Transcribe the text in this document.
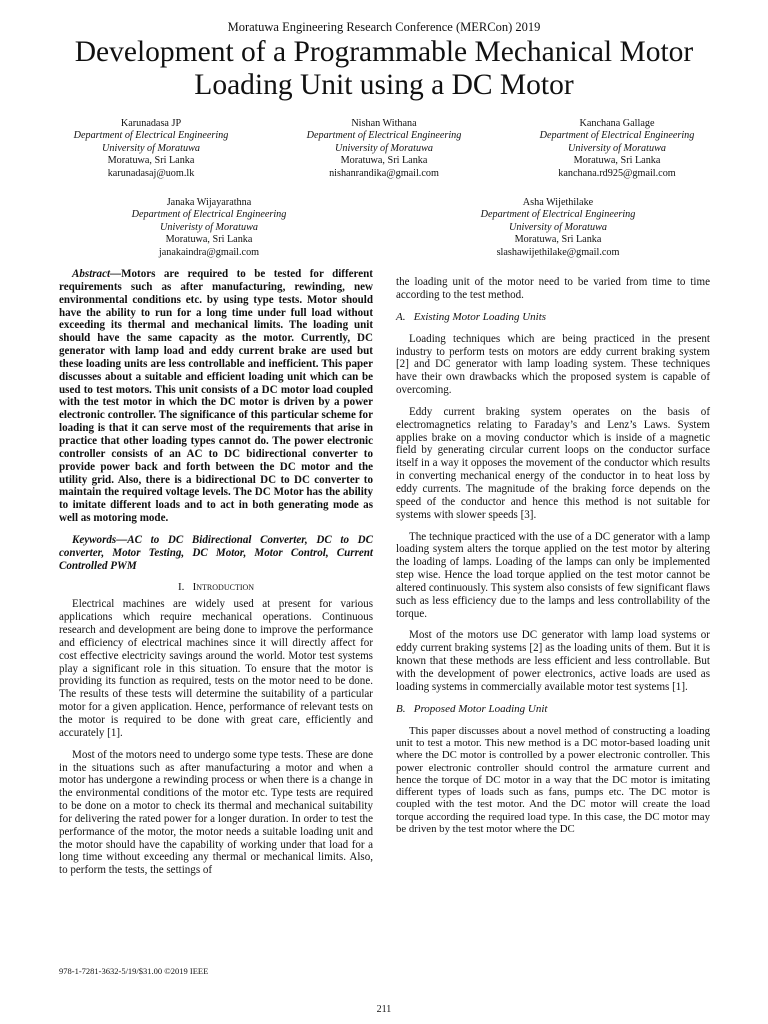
Moratuwa Engineering Research Conference (MERCon) 2019
Development of a Programmable Mechanical Motor
Loading Unit using a DC Motor
Karunadasa JP
Department of Electrical Engineering
University of Moratuwa
Moratuwa, Sri Lanka
karunadasaj@uom.lk
Nishan Withana
Department of Electrical Engineering
University of Moratuwa
Moratuwa, Sri Lanka
nishanrandika@gmail.com
Kanchana Gallage
Department of Electrical Engineering
University of Moratuwa
Moratuwa, Sri Lanka
kanchana.rd925@gmail.com
Janaka Wijayarathna
Department of Electrical Engineering
Univeristy of Moratuwa
Moratuwa, Sri Lanka
janakaindra@gmail.com
Asha Wijethilake
Department of Electrical Engineering
University of Moratuwa
Moratuwa, Sri Lanka
slashawijethilake@gmail.com

Abstract—Motors are required to be tested for different requirements such as after manufacturing, rewinding, new environmental conditions etc. by using type tests. Motor should have the ability to run for a long time under full load without exceeding its thermal and mechanical limits. The loading unit should have the same capacity as the motor. Currently, DC generator with lamp load and eddy current brake are used but these loading units are less controllable and inefficient. This paper discusses about a suitable and efficient loading unit which can be used to test motors. This unit consists of a DC motor load coupled with the test motor in which the DC motor is driven by a power electronic controller. The significance of this particular scheme for loading is that it can serve most of the requirements that arise in practice that other loading types cannot do. The power electronic controller consists of an AC to DC bidirectional converter to provide power back and forth between the DC motor and the utility grid. Also, there is a bidirectional DC to DC converter to maintain the required voltage levels. The DC Motor has the ability to imitate different loads and to act in both generating mode as well as motoring mode.

Keywords—AC to DC Bidirectional Converter, DC to DC converter, Motor Testing, DC Motor, Motor Control, Current Controlled PWM

I. Introduction

Electrical machines are widely used at present for various applications which require mechanical operations. Continuous research and development are being done to improve the performance and efficiency of electrical machines since it will directly affect for cost effective electricity savings around the world. Motor test systems play a significant role in this situation. To ensure that the motor is providing its function as required, tests on the motor need to be done. The results of these tests will determine the suitability of a particular motor for a given application. Hence, performance of relevant tests on the motor is required to be done with great care, efficiently and accurately [1].

Most of the motors need to undergo some type tests. These are done in the situations such as after manufacturing a motor and when a motor has undergone a rewinding process or when there is a change in the environmental conditions of the motor etc. Type tests are required to be done on a motor to check its thermal and mechanical suitability for delivering the rated power for a longer duration. In order to test the performance of the motor, the motor needs a suitable loading unit and the motor should have the capability of working under that load for a long time without exceeding any thermal or mechanical limits. Also, to perform the tests, the settings of

the loading unit of the motor need to be varied from time to time according to the test method.

A.  Existing Motor Loading Units

Loading techniques which are being practiced in the present industry to perform tests on motors are eddy current braking system [2] and DC generator with lamp loading system. These techniques have their own drawbacks which the proposed system is capable of overcoming.

Eddy current braking system operates on the basis of electromagnetics relating to Faraday’s and Lenz’s Laws. System applies brake on a moving conductor which is inside of a magnetic field by generating circular current loops on the conductor surface itself in a way it opposes the movement of the conductor which results in converting mechanical energy of the conductor in to heat loss by eddy currents. The magnitude of the braking force depends on the speed of the conductor and hence this method is not suitable for systems with slower speeds [3].

The technique practiced with the use of a DC generator with a lamp loading system alters the torque applied on the test motor by altering the loading of lamps. Loading of the lamps can only be implemented step wise. Hence the load torque applied on the test motor cannot be altered continuously. This system also consists of few significant flaws such as less efficiency due to the lamps and less controllability of the torque.

Most of the motors use DC generator with lamp load systems or eddy current braking systems [2] as the loading units of them. But it is known that these methods are less efficient and less controllable. But with the development of power electronics, active loads are used as loading systems in commercially available motor test systems [1].

B.  Proposed Motor Loading Unit

This paper discusses about a novel method of constructing a loading unit to test a motor. This new method is a DC motor-based loading unit where the DC motor is controlled by a power electronic controller. This power electronic controller should control the armature current and hence the torque of DC motor in a way that the DC motor is imitating different types of loads such as fans, pumps etc. The DC motor is coupled with the test motor. And the DC motor will create the load torque according the required load type. In this case, the DC motor may be driven by the test motor where the DC

978-1-7281-3632-5/19/$31.00 ©2019 IEEE
211
